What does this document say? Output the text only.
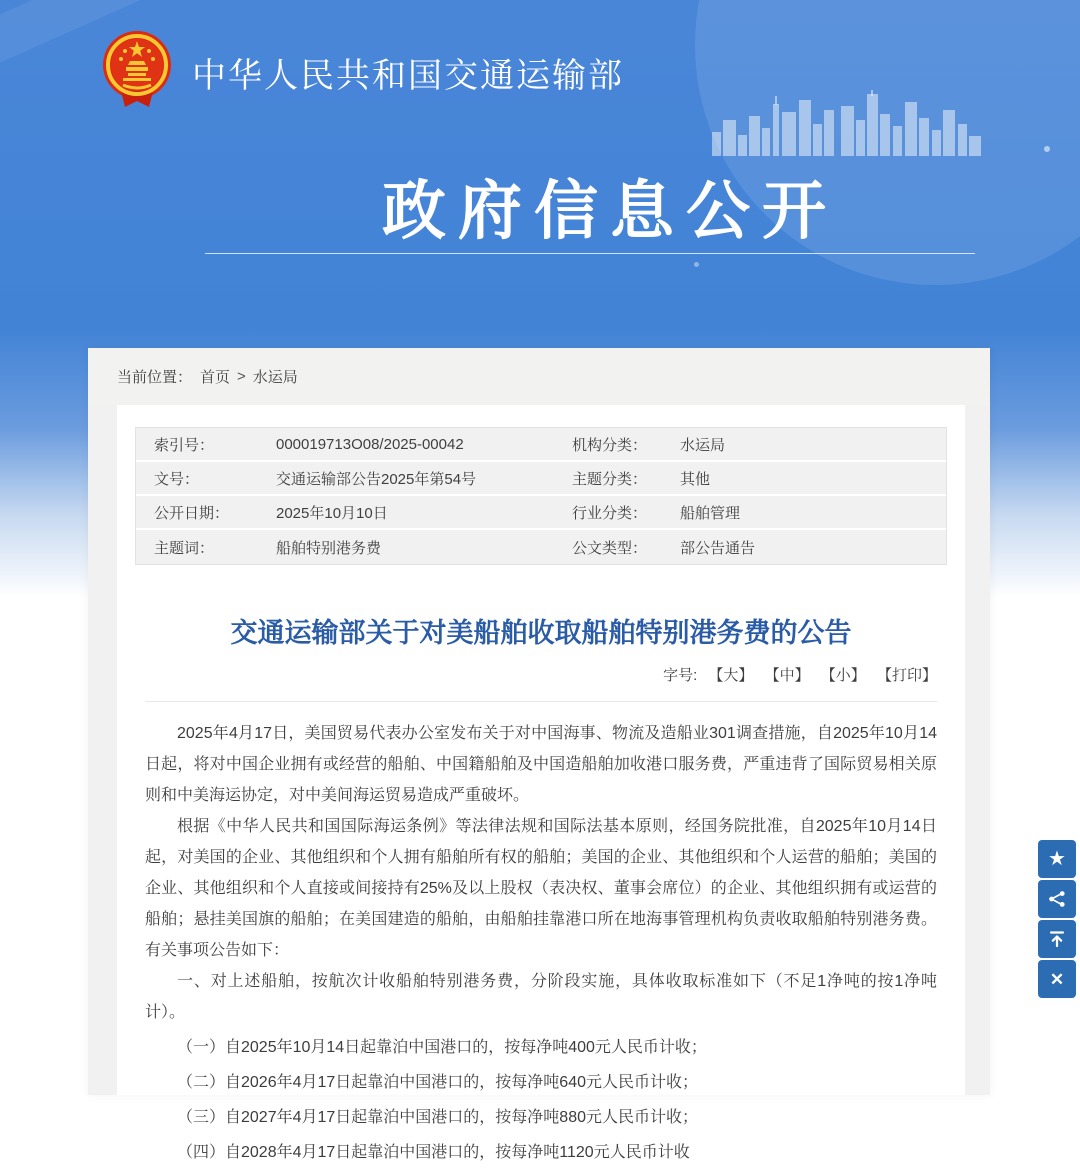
中华人民共和国交通运输部
政府信息公开
当前位置： 首页 > 水运局
索引号：	000019713O08/2025-00042	机构分类：	水运局
文号：	交通运输部公告2025年第54号	主题分类：	其他
公开日期：	2025年10月10日	行业分类：	船舶管理
主题词：	船舶特别港务费	公文类型：	部公告通告
交通运输部关于对美船舶收取船舶特别港务费的公告
字号: 【大】 【中】 【小】 【打印】

2025年4月17日，美国贸易代表办公室发布关于对中国海事、物流及造船业301调查措施，自2025年10月14日起，将对中国企业拥有或经营的船舶、中国籍船舶及中国造船舶加收港口服务费，严重违背了国际贸易相关原则和中美海运协定，对中美间海运贸易造成严重破坏。

根据《中华人民共和国国际海运条例》等法律法规和国际法基本原则，经国务院批准，自2025年10月14日起，对美国的企业、其他组织和个人拥有船舶所有权的船舶；美国的企业、其他组织和个人运营的船舶；美国的企业、其他组织和个人直接或间接持有25%及以上股权（表决权、董事会席位）的企业、其他组织拥有或运营的船舶；悬挂美国旗的船舶；在美国建造的船舶，由船舶挂靠港口所在地海事管理机构负责收取船舶特别港务费。有关事项公告如下：

一、对上述船舶，按航次计收船舶特别港务费，分阶段实施，具体收取标准如下（不足1净吨的按1净吨计）。

（一）自2025年10月14日起靠泊中国港口的，按每净吨400元人民币计收；

（二）自2026年4月17日起靠泊中国港口的，按每净吨640元人民币计收；

（三）自2027年4月17日起靠泊中国港口的，按每净吨880元人民币计收；

（四）自2028年4月17日起靠泊中国港口的，按每净吨1120元人民币计收

★
✕
